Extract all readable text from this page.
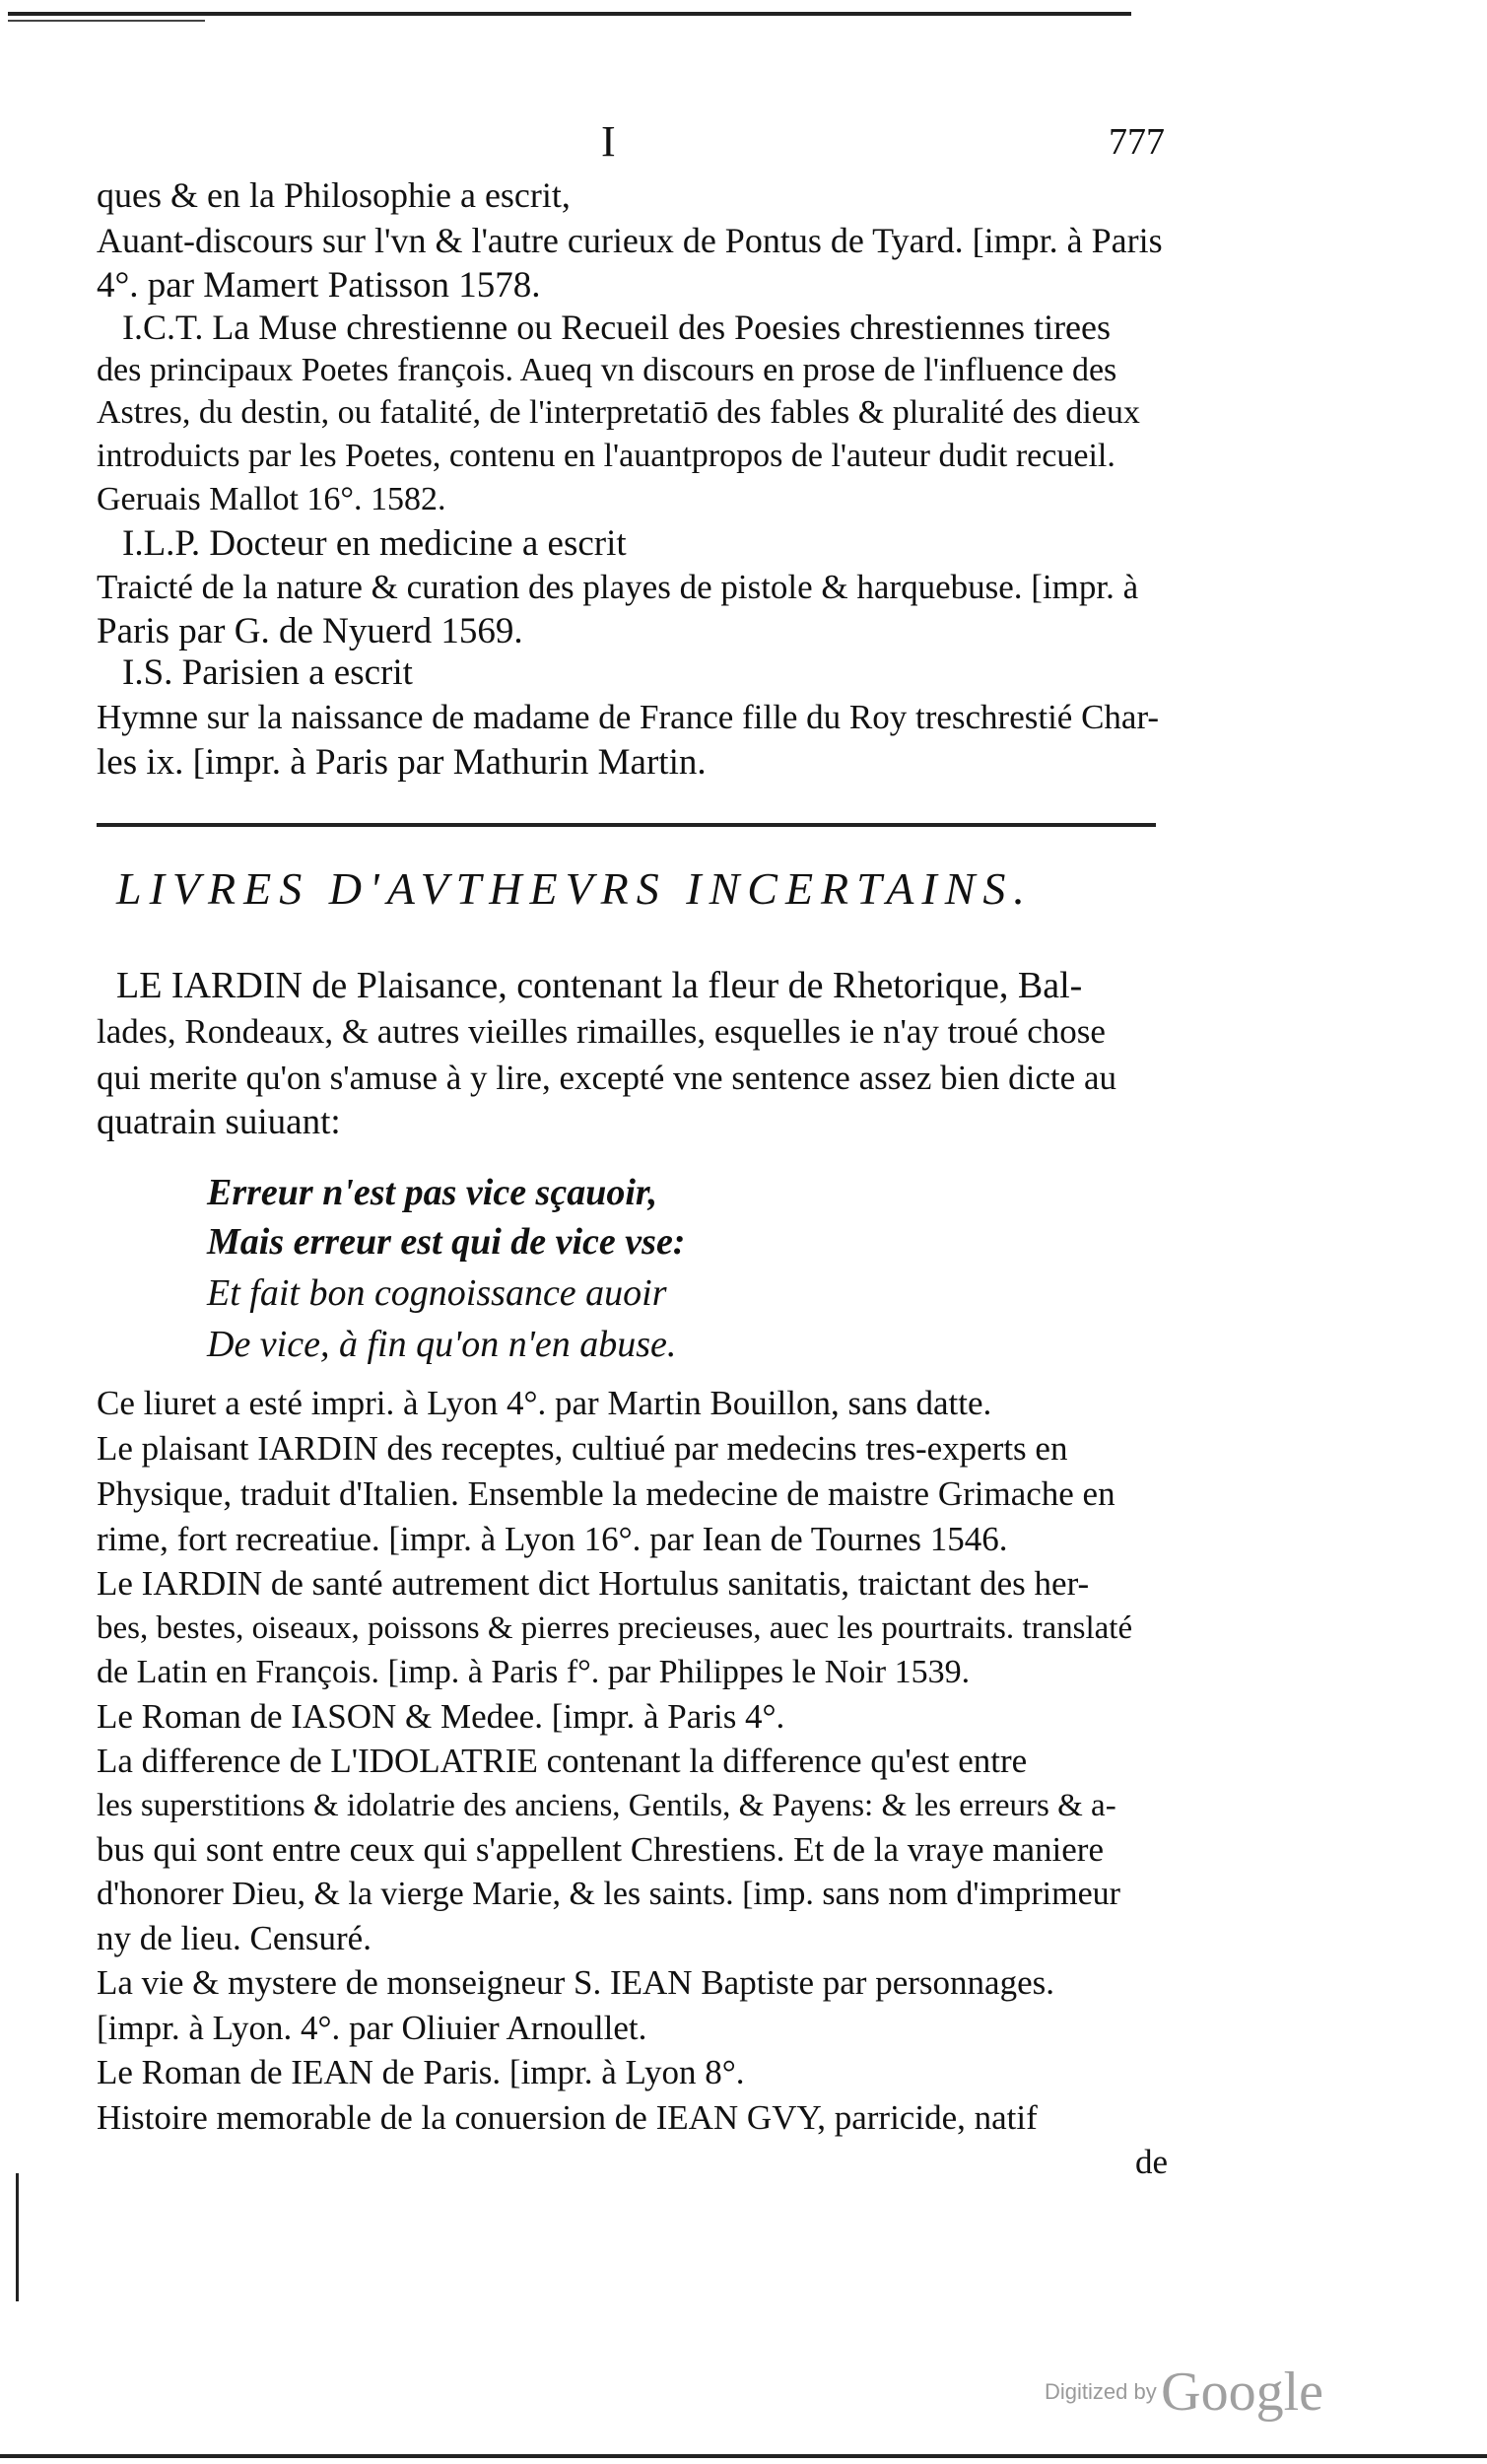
I	777
ques & en la Philosophie a escrit,
Auant-discours sur l'vn & l'autre curieux de Pontus de Tyard. [impr. à Paris
4°. par Mamert Patisson 1578.
I.C.T. La Muse chrestienne ou Recueil des Poesies chrestiennes tirees
des principaux Poetes françois. Aueq vn discours en prose de l'influence des
Astres, du destin, ou fatalité, de l'interpretatiō des fables & pluralité des dieux
introduicts par les Poetes, contenu en l'auantpropos de l'auteur dudit recueil.
Geruais Mallot 16°. 1582.
I.L.P. Docteur en medicine a escrit
Traicté de la nature & curation des playes de pistole & harquebuse. [impr. à
Paris par G. de Nyuerd 1569.
I.S. Parisien a escrit
Hymne sur la naissance de madame de France fille du Roy treschrestié Char-
les ix. [impr. à Paris par Mathurin Martin.
LIVRES D'AVTHEVRS INCERTAINS.
LE IARDIN de Plaisance, contenant la fleur de Rhetorique, Bal-
lades, Rondeaux, & autres vieilles rimailles, esquelles ie n'ay troué chose
qui merite qu'on s'amuse à y lire, excepté vne sentence assez bien dicte au
quatrain suiuant:
Erreur n'est pas vice sçauoir,
Mais erreur est qui de vice vse:
Et fait bon cognoissance auoir
De vice, à fin qu'on n'en abuse.
Ce liuret a esté impri. à Lyon 4°. par Martin Bouillon, sans datte.
Le plaisant IARDIN des receptes, cultiué par medecins tres-experts en
Physique, traduit d'Italien. Ensemble la medecine de maistre Grimache en
rime, fort recreatiue. [impr. à Lyon 16°. par Iean de Tournes 1546.
Le IARDIN de santé autrement dict Hortulus sanitatis, traictant des her-
bes, bestes, oiseaux, poissons & pierres precieuses, auec les pourtraits. translaté
de Latin en François. [imp. à Paris f°. par Philippes le Noir 1539.
Le Roman de IASON & Medee. [impr. à Paris 4°.
La difference de L'IDOLATRIE contenant la difference qu'est entre
les superstitions & idolatrie des anciens, Gentils, & Payens: & les erreurs & a-
bus qui sont entre ceux qui s'appellent Chrestiens. Et de la vraye maniere
d'honorer Dieu, & la vierge Marie, & les saints. [imp. sans nom d'imprimeur
ny de lieu. Censuré.
La vie & mystere de monseigneur S. IEAN Baptiste par personnages.
[impr. à Lyon. 4°. par Oliuier Arnoullet.
Le Roman de IEAN de Paris. [impr. à Lyon 8°.
Histoire memorable de la conuersion de IEAN GVY, parricide, natif
de
Digitized by Google
